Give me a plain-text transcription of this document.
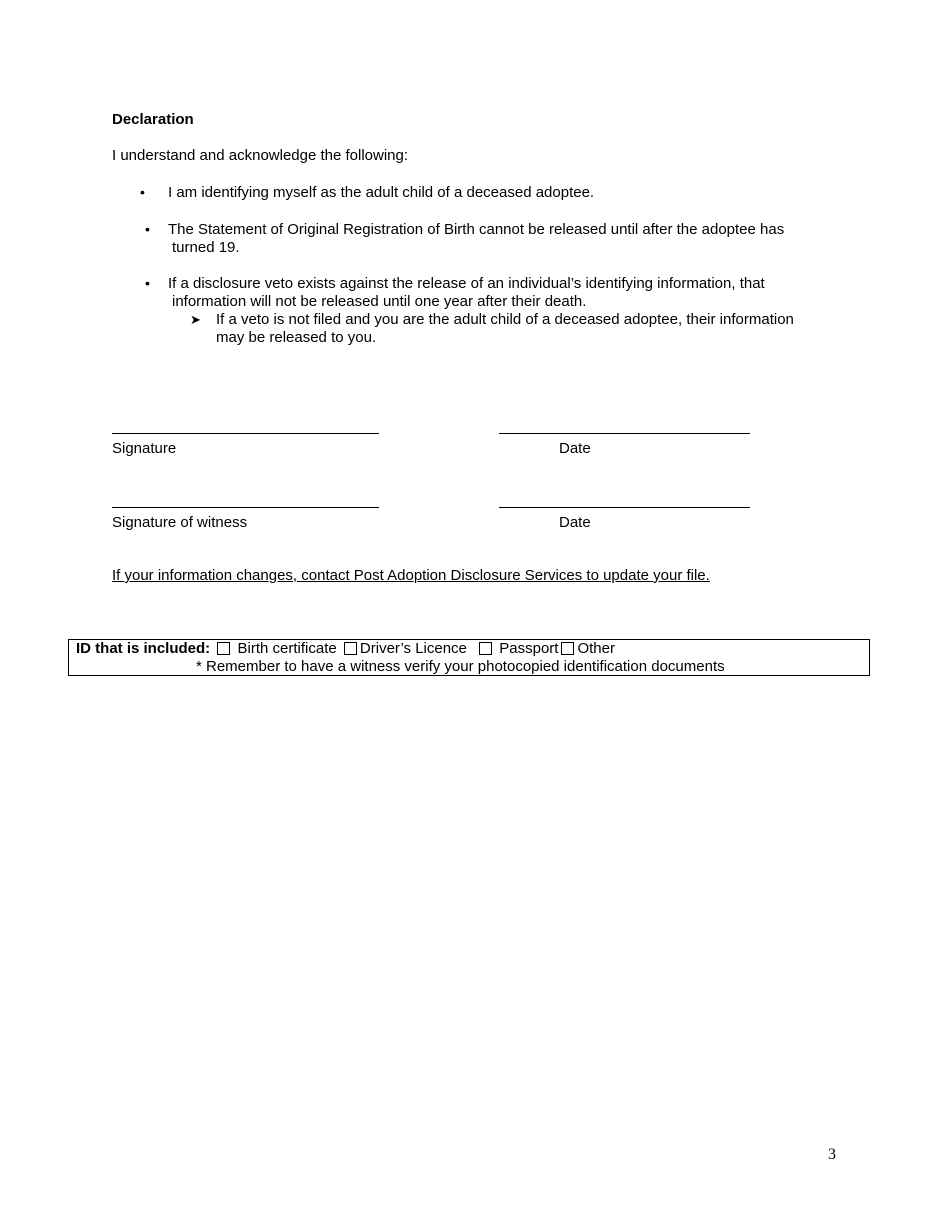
Declaration
I understand and acknowledge the following:
• I am identifying myself as the adult child of a deceased adoptee.
• The Statement of Original Registration of Birth cannot be released until after the adoptee has
turned 19.
• If a disclosure veto exists against the release of an individual’s identifying information, that
information will not be released until one year after their death.
➤ If a veto is not filed and you are the adult child of a deceased adoptee, their information
may be released to you.
Signature	Date
Signature of witness	Date
If your information changes, contact Post Adoption Disclosure Services to update your file.
ID that is included: Birth certificate Driver’s Licence Passport Other
* Remember to have a witness verify your photocopied identification documents
3
